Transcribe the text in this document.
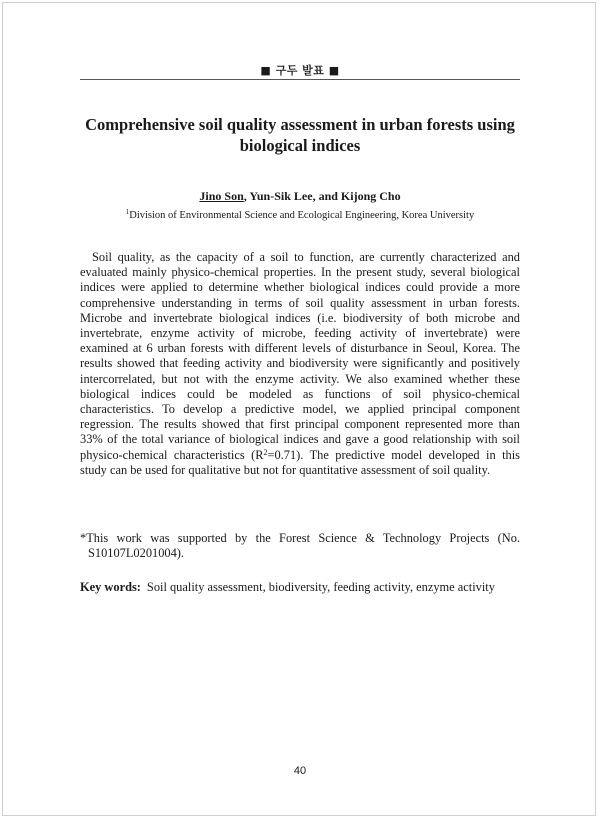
■ 구두 발표 ■
Comprehensive soil quality assessment in urban forests using
biological indices
Jino Son, Yun-Sik Lee, and Kijong Cho
$^1$Division of Environmental Science and Ecological Engineering, Korea University

Soil quality, as the capacity of a soil to function, are currently characterized and evaluated mainly physico-chemical properties. In the present study, several biological indices were applied to determine whether biological indices could provide a more comprehensive understanding in terms of soil quality assessment in urban forests. Microbe and invertebrate biological indices (i.e. biodiversity of both microbe and invertebrate, enzyme activity of microbe, feeding activity of invertebrate) were examined at 6 urban forests with different levels of disturbance in Seoul, Korea. The results showed that feeding activity and biodiversity were significantly and positively intercorrelated, but not with the enzyme activity. We also examined whether these biological indices could be modeled as functions of soil physico-chemical characteristics. To develop a predictive model, we applied principal component regression. The results showed that first principal component represented more than 33% of the total variance of biological indices and gave a good relationship with soil physico-chemical characteristics $(R^2=0.71)$. The predictive model developed in this study can be used for qualitative but not for quantitative assessment of soil quality.

*This work was supported by the Forest Science & Technology Projects (No. S10107L0201004).
Key words: Soil quality assessment, biodiversity, feeding activity, enzyme activity
40
